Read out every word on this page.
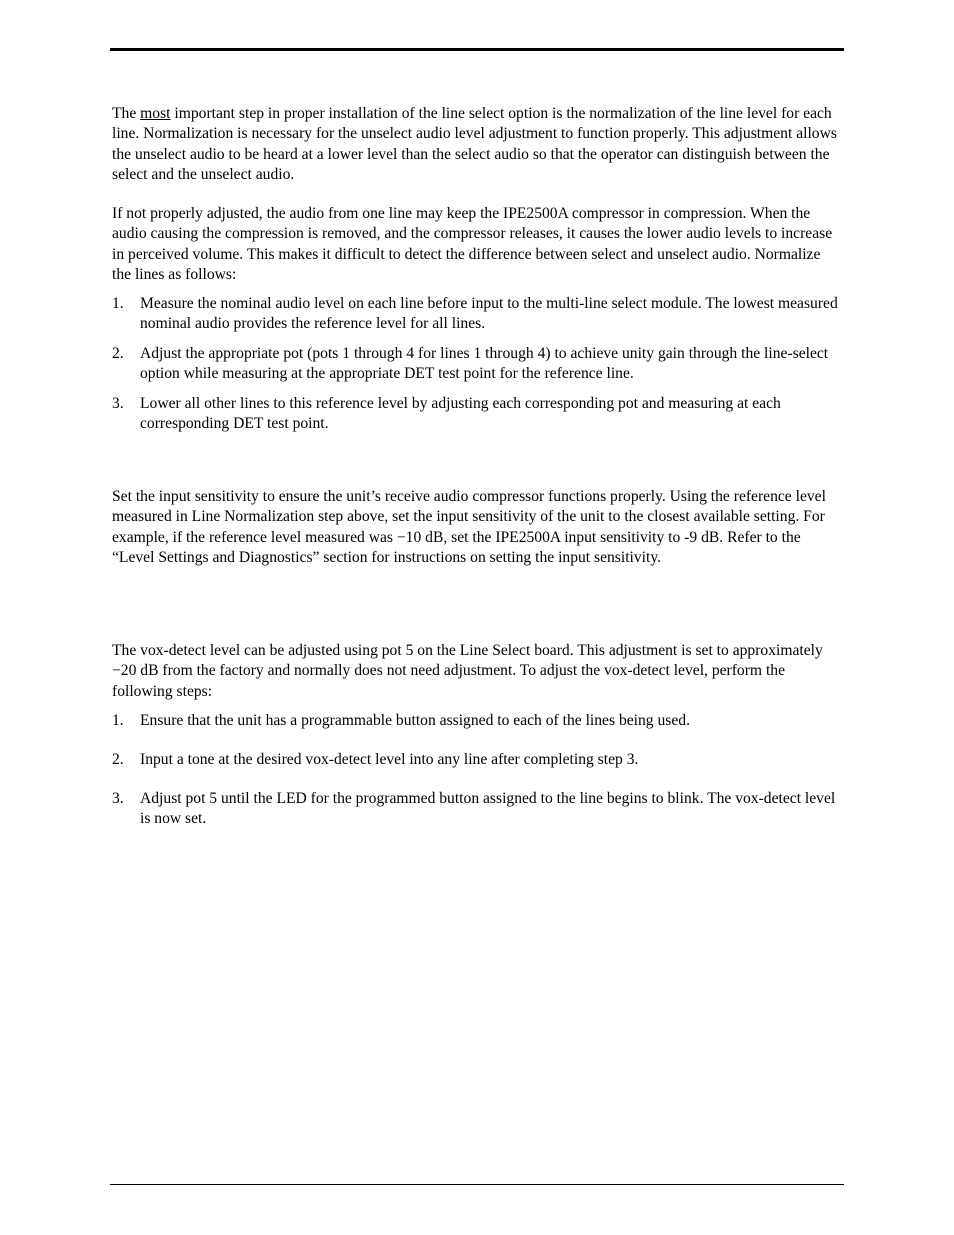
The most important step in proper installation of the line select option is the normalization of the line level for each line. Normalization is necessary for the unselect audio level adjustment to function properly. This adjustment allows the unselect audio to be heard at a lower level than the select audio so that the operator can distinguish between the select and the unselect audio.

If not properly adjusted, the audio from one line may keep the IPE2500A compressor in compression. When the audio causing the compression is removed, and the compressor releases, it causes the lower audio levels to increase in perceived volume. This makes it difficult to detect the difference between select and unselect audio. Normalize the lines as follows:

1.	Measure the nominal audio level on each line before input to the multi-line select module. The lowest measured nominal audio provides the reference level for all lines.
2.	Adjust the appropriate pot (pots 1 through 4 for lines 1 through 4) to achieve unity gain through the line-select option while measuring at the appropriate DET test point for the reference line.
3.	Lower all other lines to this reference level by adjusting each corresponding pot and measuring at each corresponding DET test point.

Set the input sensitivity to ensure the unit’s receive audio compressor functions properly. Using the reference level measured in Line Normalization step above, set the input sensitivity of the unit to the closest available setting. For example, if the reference level measured was −10 dB, set the IPE2500A input sensitivity to -9 dB. Refer to the “Level Settings and Diagnostics” section for instructions on setting the input sensitivity.

The vox-detect level can be adjusted using pot 5 on the Line Select board. This adjustment is set to approximately −20 dB from the factory and normally does not need adjustment. To adjust the vox-detect level, perform the following steps:

1.	Ensure that the unit has a programmable button assigned to each of the lines being used.
2.	Input a tone at the desired vox-detect level into any line after completing step 3.
3.	Adjust pot 5 until the LED for the programmed button assigned to the line begins to blink. The vox-detect level is now set.
